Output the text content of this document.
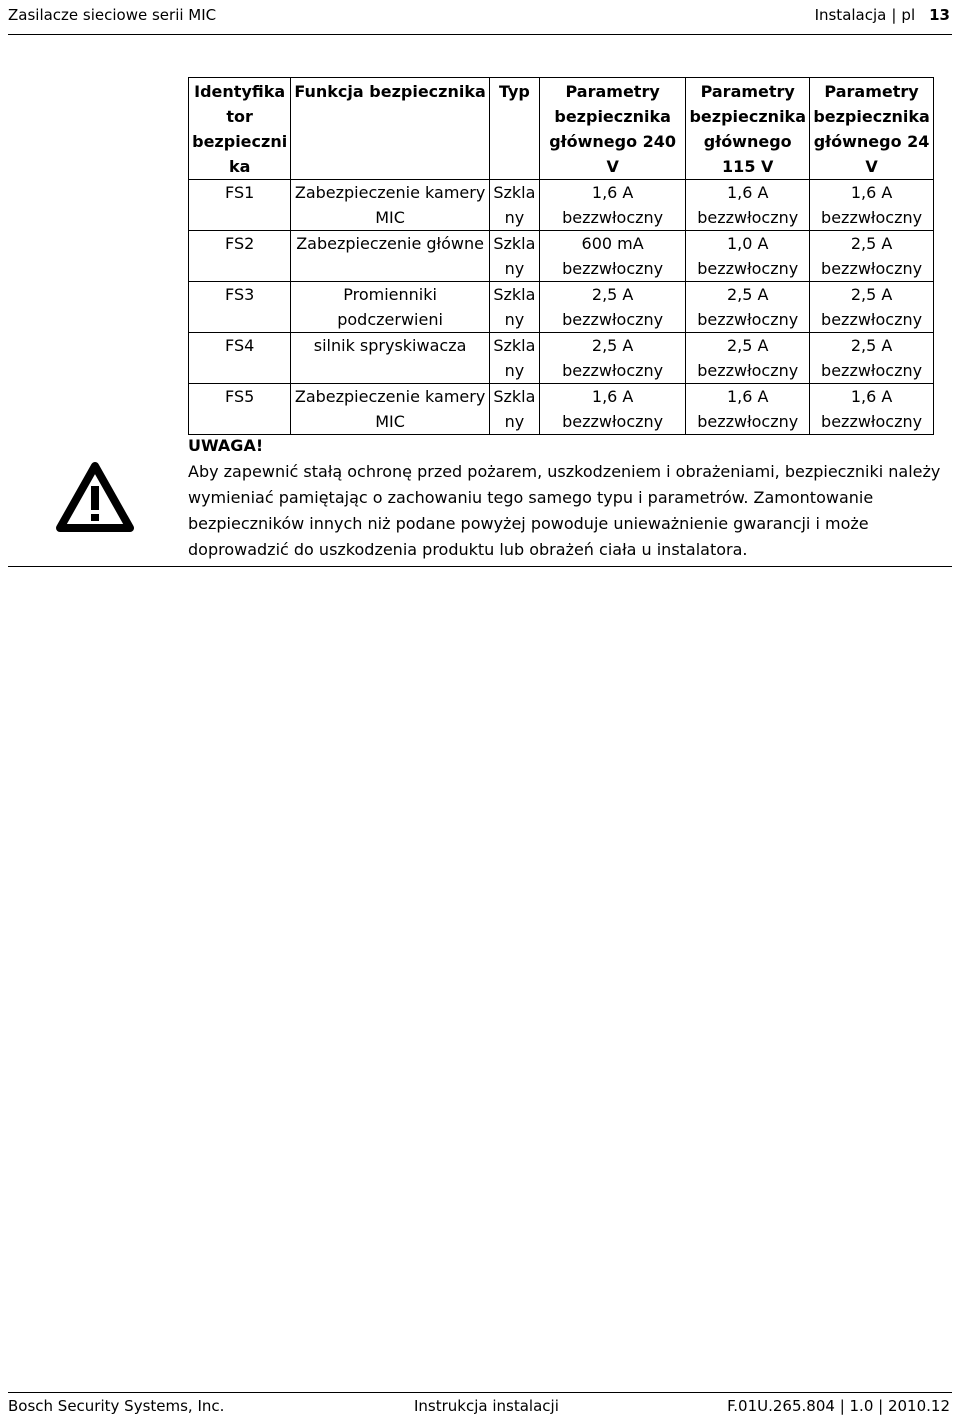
Zasilacze sieciowe serii MIC	Instalacja | pl 13
Identyfika tor bezpieczni ka	Funkcja bezpiecznika	Typ	Parametry bezpiecznika głównego 240 V	Parametry bezpiecznika głównego 115 V	Parametry bezpiecznika głównego 24 V
FS1	Zabezpieczenie kamery MIC	Szkla ny	1,6 A bezzwłoczny	1,6 A bezzwłoczny	1,6 A bezzwłoczny
FS2	Zabezpieczenie główne	Szkla ny	600 mA bezzwłoczny	1,0 A bezzwłoczny	2,5 A bezzwłoczny
FS3	Promienniki podczerwieni	Szkla ny	2,5 A bezzwłoczny	2,5 A bezzwłoczny	2,5 A bezzwłoczny
FS4	silnik spryskiwacza	Szkla ny	2,5 A bezzwłoczny	2,5 A bezzwłoczny	2,5 A bezzwłoczny
FS5	Zabezpieczenie kamery MIC	Szkla ny	1,6 A bezzwłoczny	1,6 A bezzwłoczny	1,6 A bezzwłoczny
UWAGA!
Aby zapewnić stałą ochronę przed pożarem, uszkodzeniem i obrażeniami, bezpieczniki należy wymieniać pamiętając o zachowaniu tego samego typu i parametrów. Zamontowanie bezpieczników innych niż podane powyżej powoduje unieważnienie gwarancji i może doprowadzić do uszkodzenia produktu lub obrażeń ciała u instalatora.
Bosch Security Systems, Inc.	Instrukcja instalacji	F.01U.265.804 | 1.0 | 2010.12
